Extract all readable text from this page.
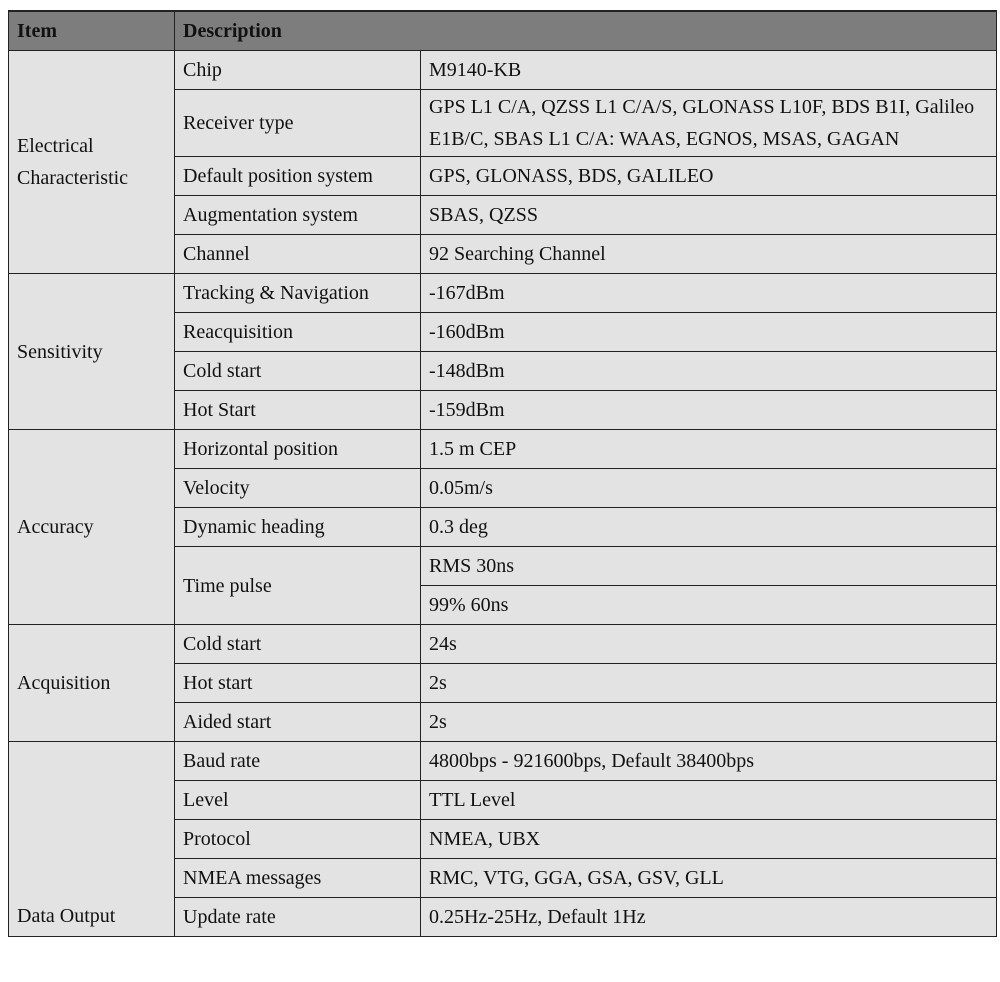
Item	Description	
Electrical Characteristic	Chip	M9140-KB
	Receiver type	GPS L1 C/A, QZSS L1 C/A/S, GLONASS L10F, BDS B1I, Galileo E1B/C, SBAS L1 C/A: WAAS, EGNOS, MSAS, GAGAN
	Default position system	GPS, GLONASS, BDS, GALILEO
	Augmentation system	SBAS, QZSS
	Channel	92 Searching Channel
Sensitivity	Tracking & Navigation	-167dBm
	Reacquisition	-160dBm
	Cold start	-148dBm
	Hot Start	-159dBm
Accuracy	Horizontal position	1.5 m CEP
	Velocity	0.05m/s
	Dynamic heading	0.3 deg
	Time pulse	RMS 30ns
		99% 60ns
Acquisition	Cold start	24s
	Hot start	2s
	Aided start	2s
Data Output	Baud rate	4800bps - 921600bps, Default 38400bps
	Level	TTL Level
	Protocol	NMEA, UBX
	NMEA messages	RMC, VTG, GGA, GSA, GSV, GLL
	Update rate	0.25Hz-25Hz, Default 1Hz
